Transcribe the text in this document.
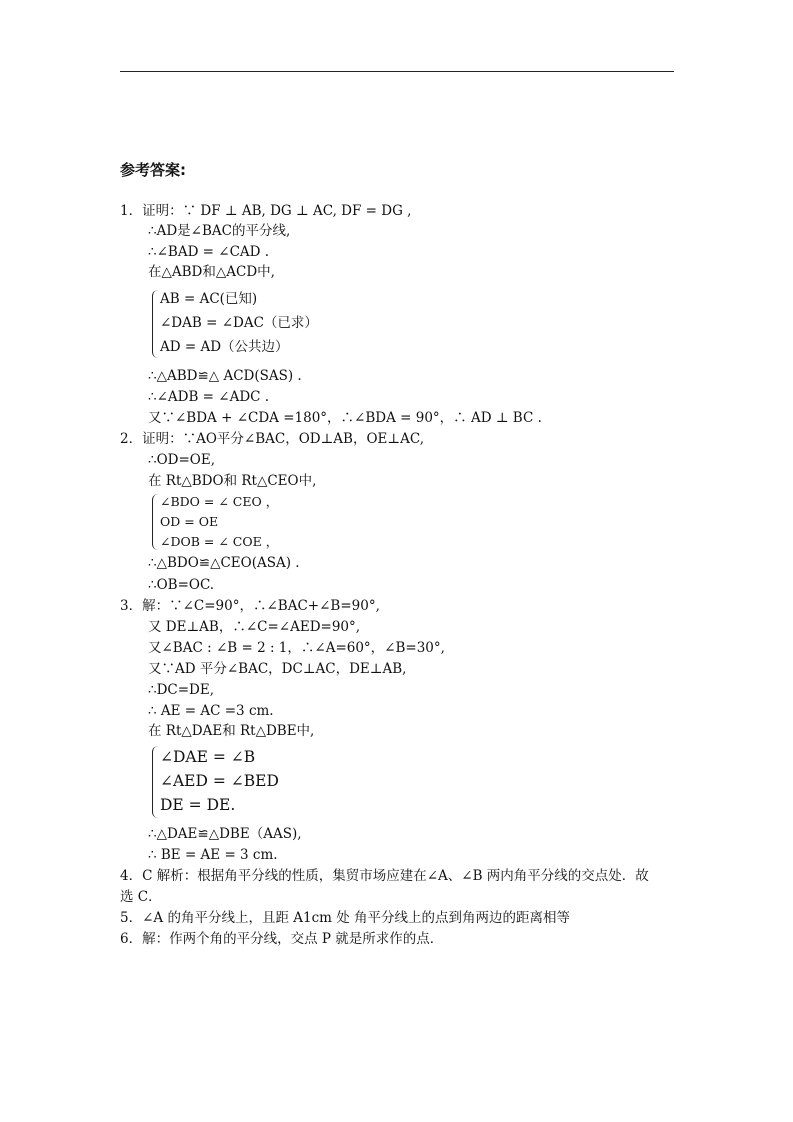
参考答案:
1．证明：∵ DF ⊥ AB, DG ⊥ AC, DF = DG ,
∴AD是∠BAC的平分线,
∴∠BAD = ∠CAD .
在△ABD和△ACD中,
AB = AC(已知)
∠DAB = ∠DAC（已求）
AD = AD（公共边）
∴△ABD≌△ ACD(SAS) .
∴∠ADB = ∠ADC .
又∵∠BDA + ∠CDA =180°，∴∠BDA = 90°，∴ AD ⊥ BC .
2．证明：∵AO平分∠BAC，OD⊥AB，OE⊥AC,
∴OD=OE,
在 Rt△BDO和 Rt△CEO中,
∠BDO = ∠ CEO ，
OD = OE
∠DOB = ∠ COE ，
∴△BDO≌△CEO(ASA) .
∴OB=OC.
3．解：∵∠C=90°，∴∠BAC+∠B=90°,
又 DE⊥AB，∴∠C=∠AED=90°,
又∠BAC : ∠B = 2 : 1，∴∠A=60°，∠B=30°,
又∵AD 平分∠BAC，DC⊥AC，DE⊥AB,
∴DC=DE,
∴ AE = AC =3 cm.
在 Rt△DAE和 Rt△DBE中,
∠DAE = ∠B
∠AED = ∠BED
DE = DE.
∴△DAE≌△DBE（AAS),
∴ BE = AE = 3 cm.
4．C 解析：根据角平分线的性质，集贸市场应建在∠A、∠B 两内角平分线的交点处．故
选 C．
5．∠A 的角平分线上，且距 A1cm 处 角平分线上的点到角两边的距离相等
6．解：作两个角的平分线，交点 P 就是所求作的点．
